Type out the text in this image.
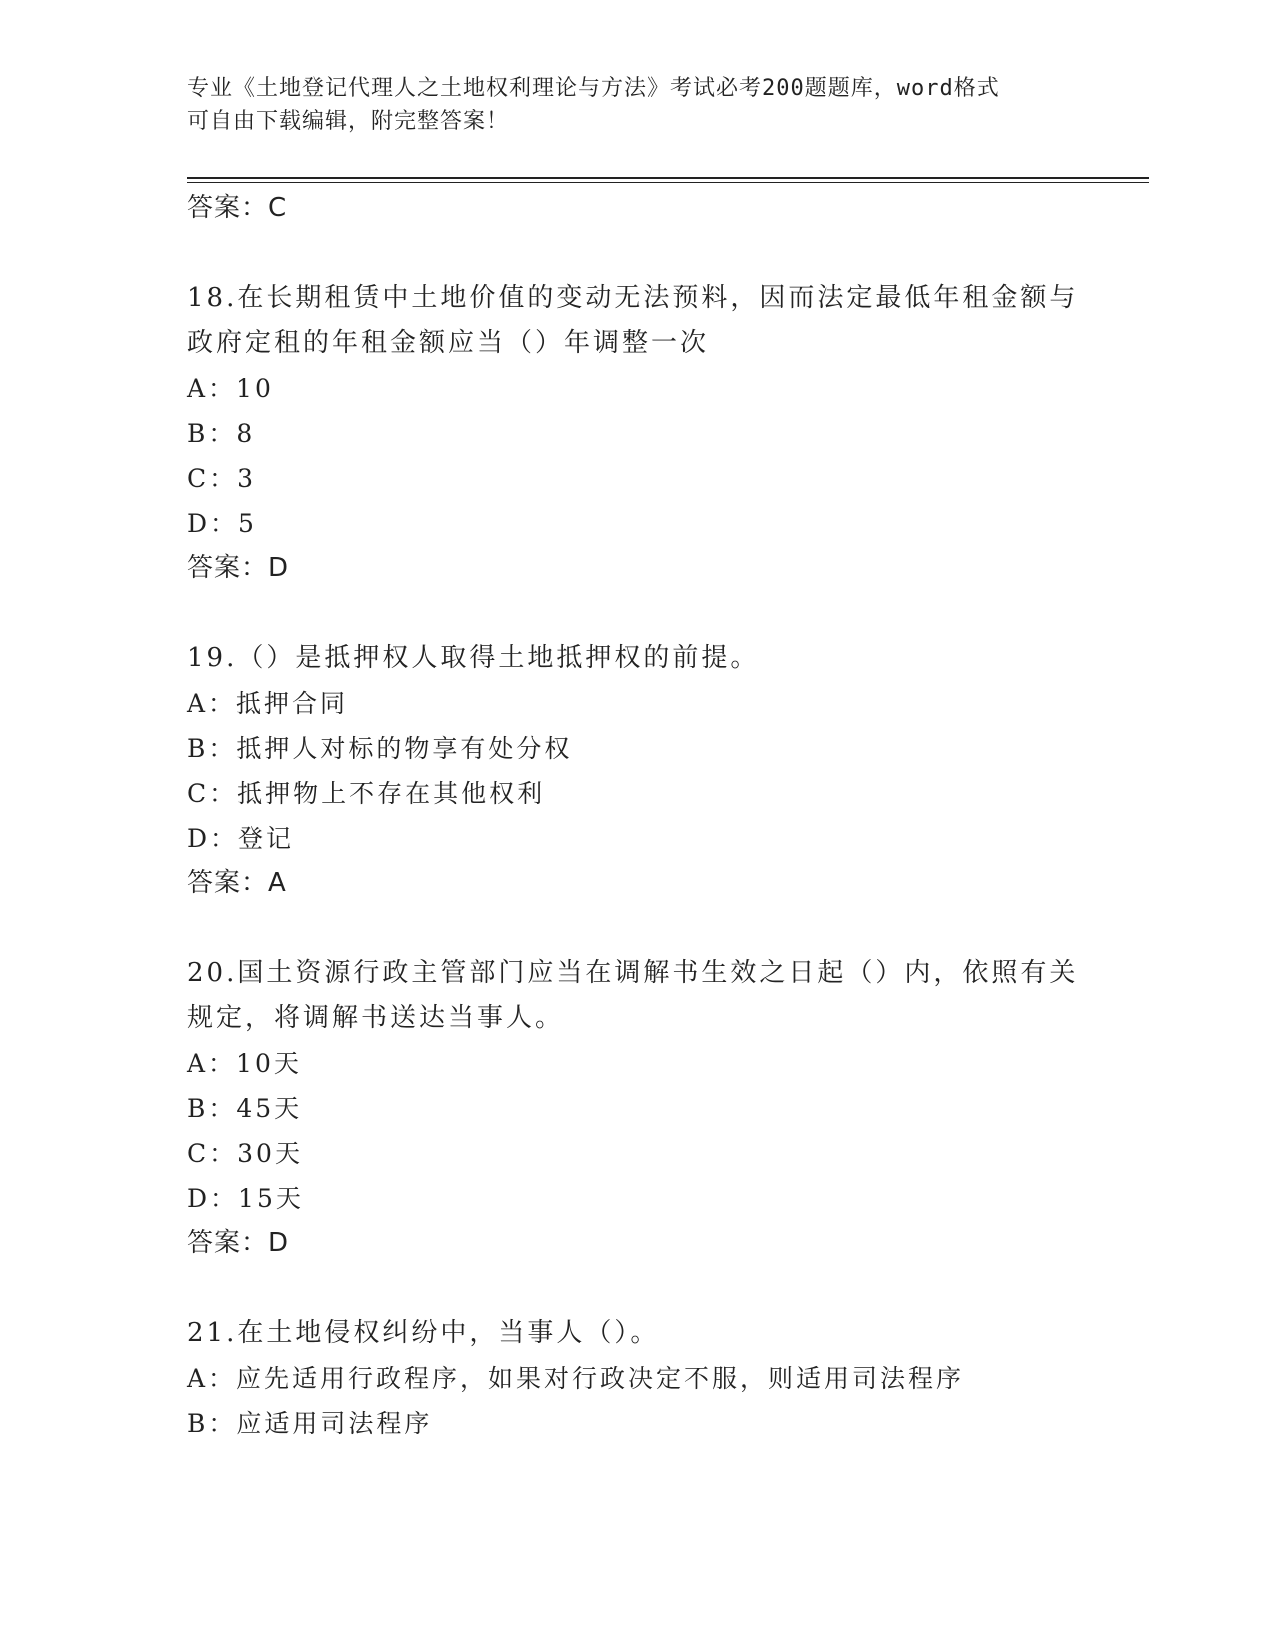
专业《土地登记代理人之土地权利理论与方法》考试必考200题题库，word格式
可自由下载编辑，附完整答案！

答案：C

18.在长期租赁中土地价值的变动无法预料，因而法定最低年租金额与

政府定租的年租金额应当（）年调整一次

A：10

B：8

C：3

D：5

答案：D

19.（）是抵押权人取得土地抵押权的前提。

A：抵押合同

B：抵押人对标的物享有处分权

C：抵押物上不存在其他权利

D：登记

答案：A

20.国土资源行政主管部门应当在调解书生效之日起（）内，依照有关

规定，将调解书送达当事人。

A：10天

B：45天

C：30天

D：15天

答案：D

21.在土地侵权纠纷中，当事人（）。

A：应先适用行政程序，如果对行政决定不服，则适用司法程序

B：应适用司法程序
